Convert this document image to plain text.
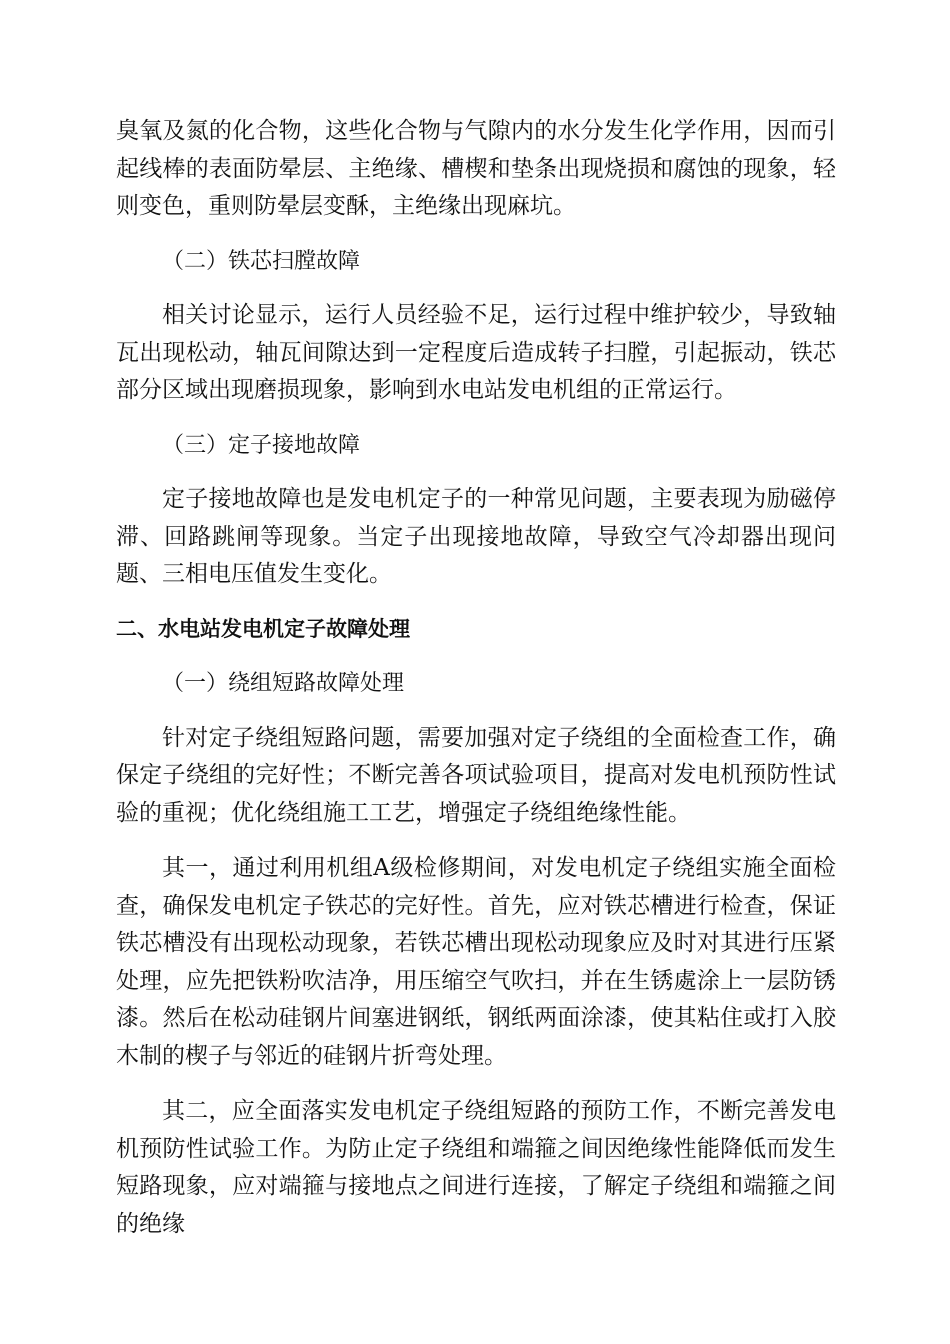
臭氧及氮的化合物，这些化合物与气隙内的水分发生化学作用，因而引起线棒的表面防晕层、主绝缘、槽楔和垫条出现烧损和腐蚀的现象，轻则变色，重则防晕层变酥，主绝缘出现麻坑。

（二）铁芯扫膛故障

相关讨论显示，运行人员经验不足，运行过程中维护较少，导致轴瓦出现松动，轴瓦间隙达到一定程度后造成转子扫膛，引起振动，铁芯部分区域出现磨损现象，影响到水电站发电机组的正常运行。

（三）定子接地故障

定子接地故障也是发电机定子的一种常见问题，主要表现为励磁停滞、回路跳闸等现象。当定子出现接地故障，导致空气冷却器出现问题、三相电压值发生变化。

二、水电站发电机定子故障处理

（一）绕组短路故障处理

针对定子绕组短路问题，需要加强对定子绕组的全面检查工作，确保定子绕组的完好性；不断完善各项试验项目，提高对发电机预防性试验的重视；优化绕组施工工艺，增强定子绕组绝缘性能。

其一，通过利用机组A级检修期间，对发电机定子绕组实施全面检查，确保发电机定子铁芯的完好性。首先，应对铁芯槽进行检查，保证铁芯槽没有出现松动现象，若铁芯槽出现松动现象应及时对其进行压紧处理，应先把铁粉吹洁净，用压缩空气吹扫，并在生锈處涂上一层防锈漆。然后在松动硅钢片间塞进钢纸，钢纸两面涂漆，使其粘住或打入胶木制的楔子与邻近的硅钢片折弯处理。

其二，应全面落实发电机定子绕组短路的预防工作，不断完善发电机预防性试验工作。为防止定子绕组和端箍之间因绝缘性能降低而发生短路现象，应对端箍与接地点之间进行连接，了解定子绕组和端箍之间的绝缘
